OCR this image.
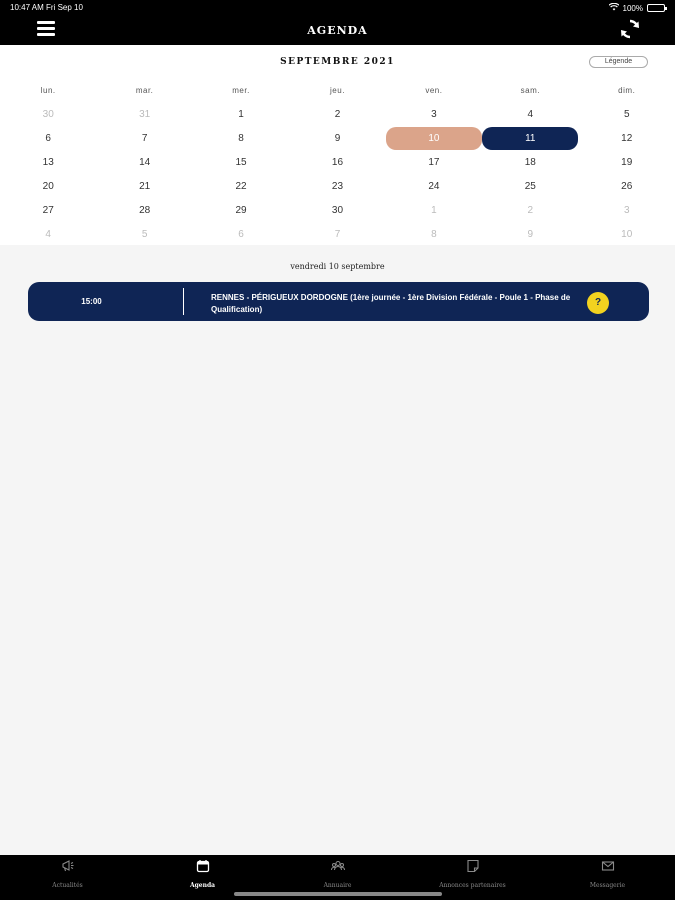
10:47 AM Fri Sep 10	100%
AGENDA
SEPTEMBRE 2021	Légende
lun.	mar.	mer.	jeu.	ven.	sam.	dim.
30	31	1	2	3	4	5
6	7	8	9	10	11	12
13	14	15	16	17	18	19
20	21	22	23	24	25	26
27	28	29	30	1	2	3
4	5	6	7	8	9	10
vendredi 10 septembre
15:00	RENNES - PÉRIGUEUX DORDOGNE (1ère journée - 1ère Division Fédérale - Poule 1 - Phase de Qualification)
?
Actualités	Agenda	Annuaire	Annonces partenaires	Messagerie
